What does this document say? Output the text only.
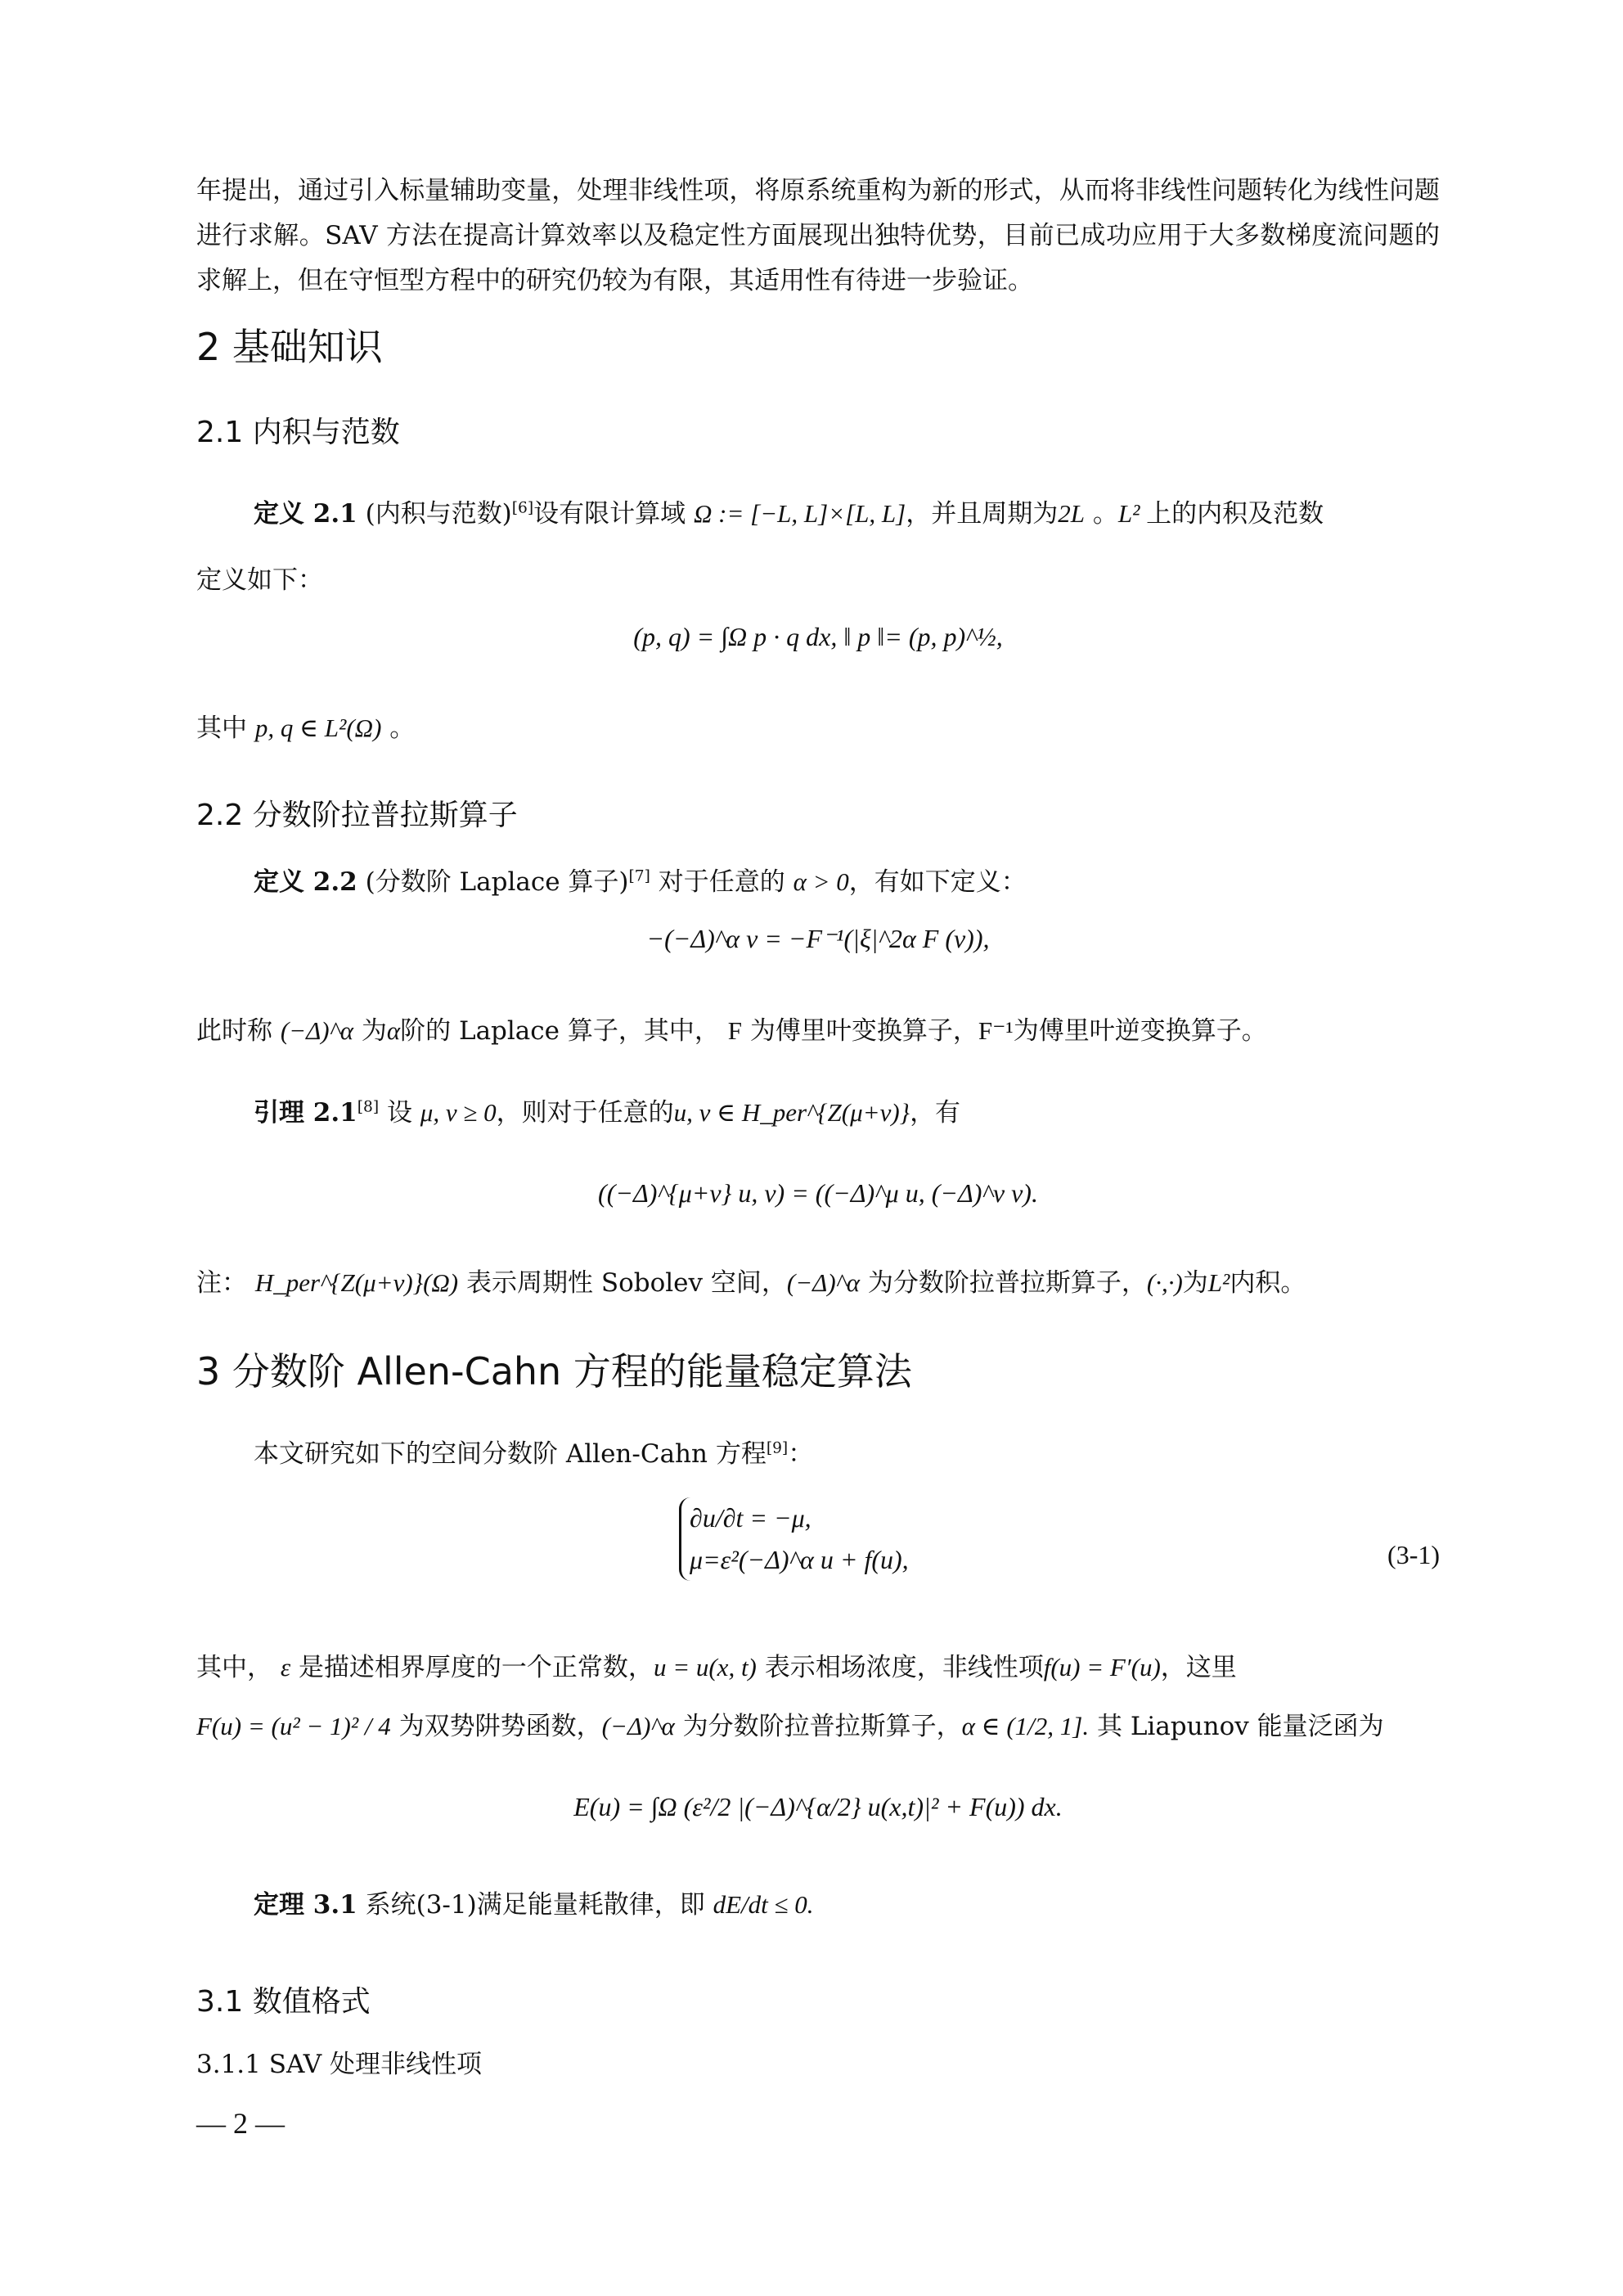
年提出，通过引入标量辅助变量，处理非线性项，将原系统重构为新的形式，从而将非线性问题转化为线性问题进行求解。SAV 方法在提高计算效率以及稳定性方面展现出独特优势，目前已成功应用于大多数梯度流问题的求解上，但在守恒型方程中的研究仍较为有限，其适用性有待进一步验证。

2 基础知识
2.1 内积与范数
定义 2.1 (内积与范数)[6]设有限计算域 Ω := [−L, L]×[L, L]，并且周期为2L 。L² 上的内积及范数
定义如下：
(p, q) = ∫Ω p · q dx, ‖ p ‖= (p, p)^½,
其中 p, q ∈ L²(Ω) 。
2.2 分数阶拉普拉斯算子
定义 2.2 (分数阶 Laplace 算子)[7] 对于任意的 α > 0，有如下定义：
−(−Δ)^α v = −F⁻¹(|ξ|^2α F (v)),
此时称 (−Δ)^α 为α阶的 Laplace 算子，其中， F 为傅里叶变换算子，F⁻¹为傅里叶逆变换算子。
引理 2.1[8] 设 μ, ν ≥ 0，则对于任意的u, v ∈ H_per^{Z(μ+ν)}，有
((−Δ)^{μ+ν} u, v) = ((−Δ)^μ u, (−Δ)^ν v).
注： H_per^{Z(μ+ν)}(Ω) 表示周期性 Sobolev 空间，(−Δ)^α 为分数阶拉普拉斯算子，(·,·)为L²内积。
3 分数阶 Allen-Cahn 方程的能量稳定算法
本文研究如下的空间分数阶 Allen-Cahn 方程[9]：
∂u/∂t = −μ,
μ=ε²(−Δ)^α u + f(u),	(3-1)
其中， ε 是描述相界厚度的一个正常数，u = u(x, t) 表示相场浓度，非线性项f(u) = F′(u)，这里
F(u) = (u² − 1)² / 4 为双势阱势函数，(−Δ)^α 为分数阶拉普拉斯算子，α ∈ (1/2, 1]. 其 Liapunov 能量泛函为
E(u) = ∫Ω (ε²/2 |(−Δ)^{α/2} u(x,t)|² + F(u)) dx.
定理 3.1 系统(3-1)满足能量耗散律，即 dE/dt ≤ 0.
3.1 数值格式
3.1.1 SAV 处理非线性项
— 2 —
